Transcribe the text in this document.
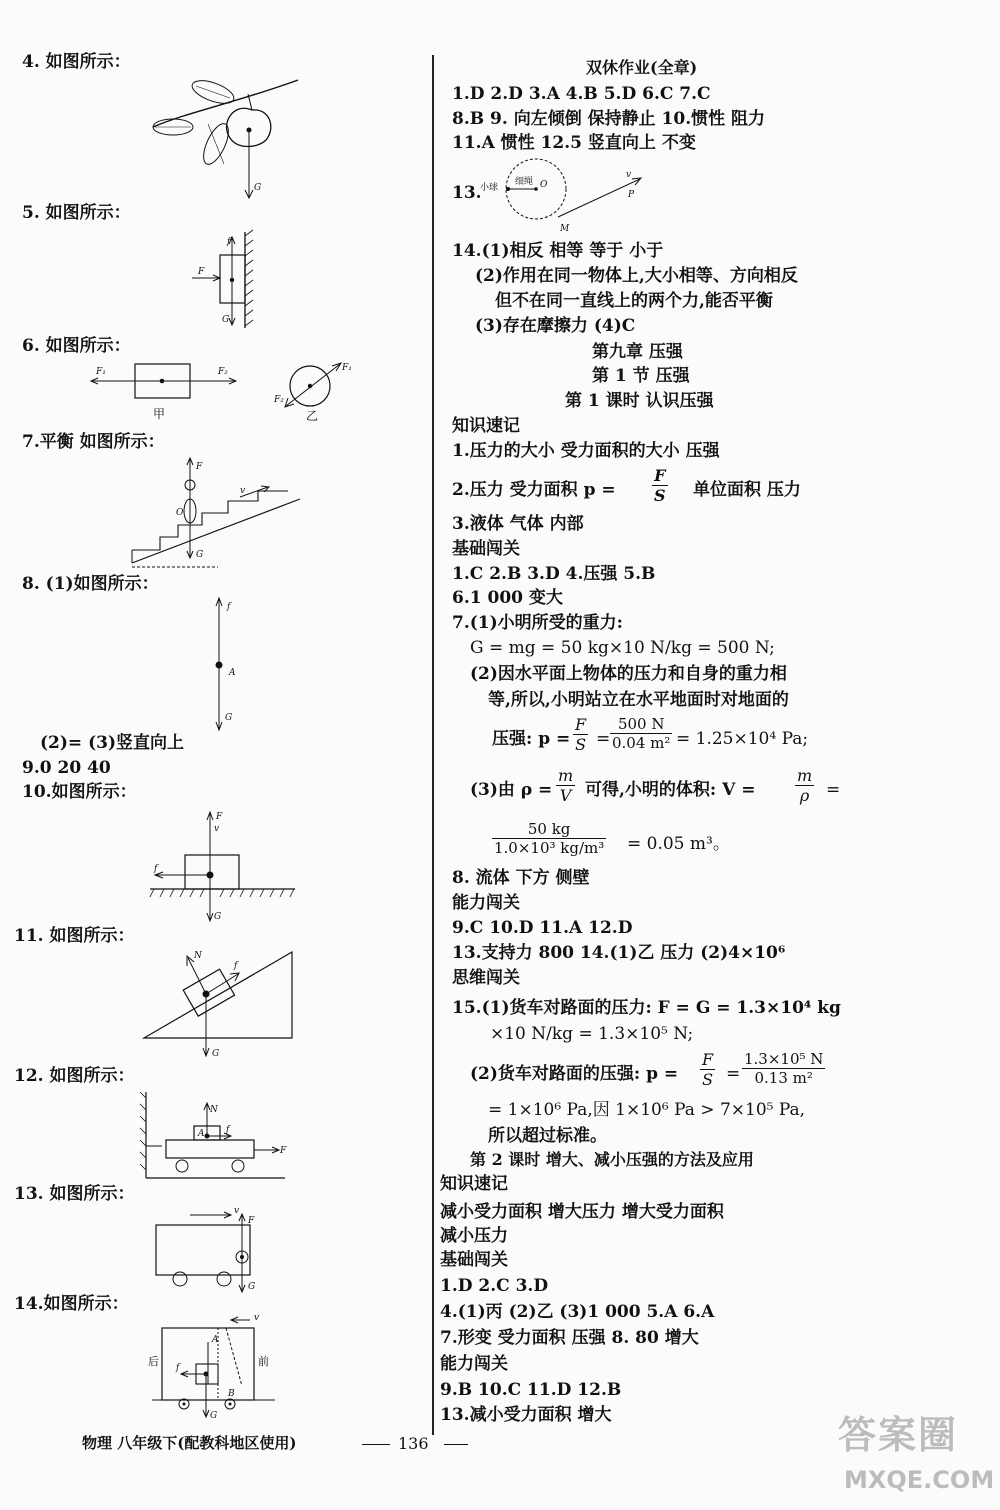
4. 如图所示：
G
5. 如图所示：
f
F
G
6. 如图所示：
F₁	F₂
甲
F₁
F₂
乙
7.平衡 如图所示：
F
O
G
v
8. (1)如图所示：
f
A
G
(2)= (3)竖直向上
9.0 20 40
10.如图所示：
F
v
f
G
11. 如图所示：
N
f
G
12. 如图所示：
N
f
A
F
13. 如图所示：
v
F
G
14.如图所示：
v
A
f
B
G
后	前
双休作业(全章)
1.D 2.D 3.A 4.B 5.D 6.C 7.C
8.B 9. 向左倾倒 保持静止 10.惯性 阻力
11.A 惯性 12.5 竖直向上 不变
13.	O
M
P
v
小球
细绳
14.(1)相反 相等 等于 小于
(2)作用在同一物体上,大小相等、方向相反
但不在同一直线上的两个力,能否平衡
(3)存在摩擦力 (4)C
第九章 压强
第 1 节 压强
第 1 课时 认识压强
知识速记
1.压力的大小 受力面积的大小 压强
2.压力 受力面积 $p = \frac{F}{S}$ 单位面积 压力
3.液体 气体 内部
基础闯关
1.C 2.B 3.D 4.压强 5.B
6.1 000 变大
7.(1)小明所受的重力:
G = mg = 50 kg×10 N/kg = 500 N;
(2)因水平面上物体的压力和自身的重力相
等,所以,小明站立在水平地面时对地面的
压强: $p = \frac{F}{S} = \frac{500 N}{\text{0.04 m²}} = 1.25\times 10^4$ Pa;
(3)由 $\rho = \frac{m}{V}$ 可得,小明的体积: $V = \frac{m}{\rho}$ =
$\frac{50 kg}{\text{1.0×10³ kg/m³}} = 0.05$ m³。
8. 流体 下方 侧壁
能力闯关
9.C 10.D 11.A 12.D
13.支持力 800 14.(1)乙 压力 (2)4×10⁶
思维闯关
15.(1)货车对路面的压力: F = G = 1.3×10⁴ kg
×10 N/kg = 1.3×10⁵ N;
(2)货车对路面的压强: $p = \frac{F}{S} = \frac{\text{1.3×10⁵ N}}{\text{0.13 m²}}$
= 1×10⁶ Pa,因 1×10⁶ Pa > 7×10⁵ Pa,
所以超过标准。
第 2 课时 增大、减小压强的方法及应用
知识速记
减小受力面积 增大压力 增大受力面积
减小压力
基础闯关
1.D 2.C 3.D
4.(1)丙 (2)乙 (3)1 000 5.A 6.A
7.形变 受力面积 压强 8. 80 增大
能力闯关
9.B 10.C 11.D 12.B
13.减小受力面积 增大
物理 八年级下(配教科地区使用)	136	答案圈
MXQE.COM
